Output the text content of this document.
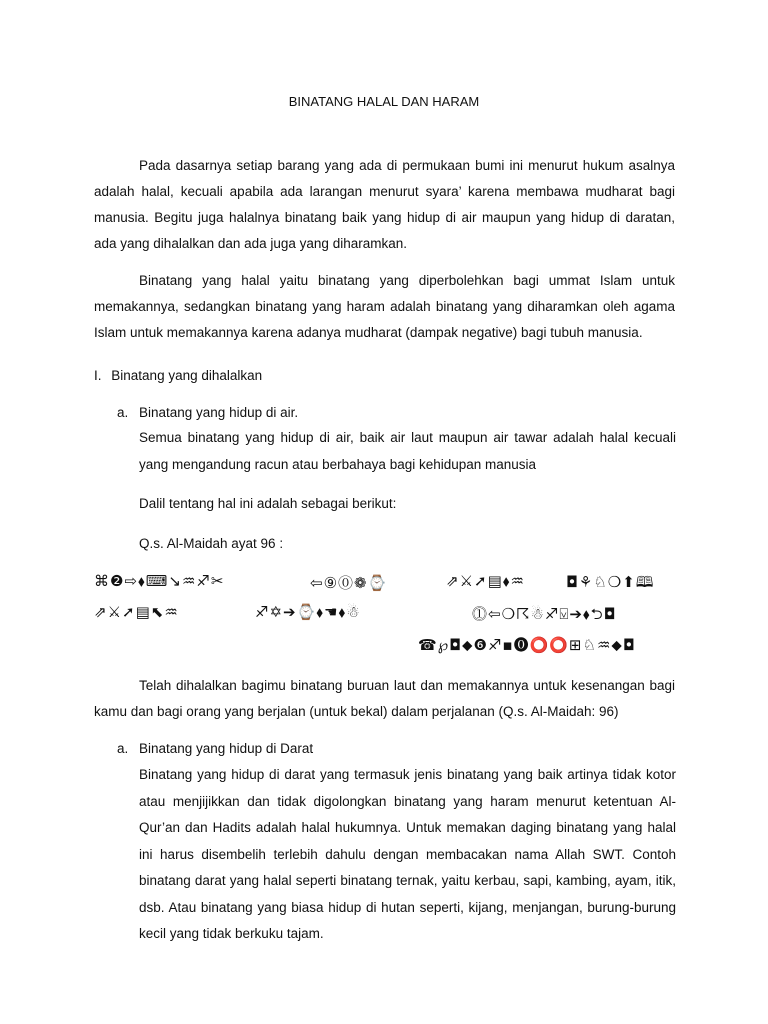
BINATANG HALAL DAN HARAM

Pada dasarnya setiap barang yang ada di permukaan bumi ini menurut hukum asalnya adalah halal, kecuali apabila ada larangan menurut syara’ karena membawa mudharat bagi manusia. Begitu juga halalnya binatang baik yang hidup di air maupun yang hidup di daratan, ada yang dihalalkan dan ada juga yang diharamkan.

Binatang yang halal yaitu binatang yang diperbolehkan bagi ummat Islam untuk memakannya, sedangkan binatang yang haram adalah binatang yang diharamkan oleh agama Islam untuk memakannya karena adanya mudharat (dampak negative) bagi tubuh manusia.

I. Binatang yang dihalalkan

a. Binatang yang hidup di air.

Semua binatang yang hidup di air, baik air laut maupun air tawar adalah halal kecuali yang mengandung racun atau berbahaya bagi kehidupan manusia

Dalil tentang hal ini adalah sebagai berikut:

Q.s. Al-Maidah ayat 96 :

⌘❷⇨⬧⌨↘♒♐✂	⇦⑨⓪❁⌚	⇗⚔➚▤⬧♒	◘⚘♘❍⬆🕮
⇗⚔➚▤⬉♒	♐✡➔⌚⬧☚⬧☃	⓵⇦❍☈☃♐⍌➔⬧⮌◘
☎℘◘⬥❻♐▪⓿⭕⭕⊞♘♒⬥◘

Telah dihalalkan bagimu binatang buruan laut dan memakannya untuk kesenangan bagi kamu dan bagi orang yang berjalan (untuk bekal) dalam perjalanan (Q.s. Al-Maidah: 96)

a. Binatang yang hidup di Darat

Binatang yang hidup di darat yang termasuk jenis binatang yang baik artinya tidak kotor atau menjijikkan dan tidak digolongkan binatang yang haram menurut ketentuan Al-Qur’an dan Hadits adalah halal hukumnya. Untuk memakan daging binatang yang halal ini harus disembelih terlebih dahulu dengan membacakan nama Allah SWT. Contoh binatang darat yang halal seperti binatang ternak, yaitu kerbau, sapi, kambing, ayam, itik, dsb. Atau binatang yang biasa hidup di hutan seperti, kijang, menjangan, burung-burung kecil yang tidak berkuku tajam.
